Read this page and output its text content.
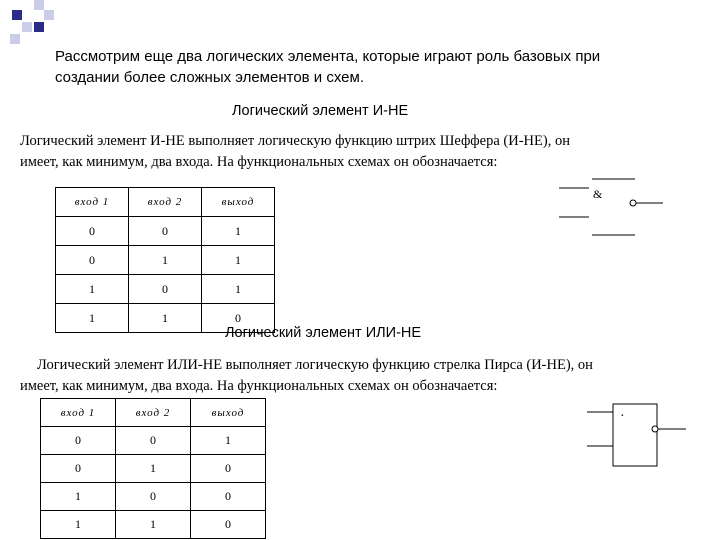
Рассмотрим еще два логических элемента, которые играют роль базовых при
создании более сложных элементов и схем.
Логический элемент И-НЕ
Логический элемент И-НЕ выполняет логическую функцию штрих Шеффера (И-НЕ), он
имеет, как минимум, два входа. На функциональных схемах он обозначается:
вход 1	вход 2	выход
0	0	1
0	1	1
1	0	1
1	1	0
&
Логический элемент ИЛИ-НЕ
Логический элемент ИЛИ-НЕ выполняет логическую функцию стрелка Пирса (И-НЕ), он
имеет, как минимум, два входа. На функциональных схемах он обозначается:
вход 1	вход 2	выход
0	0	1
0	1	0
1	0	0
1	1	0
·
